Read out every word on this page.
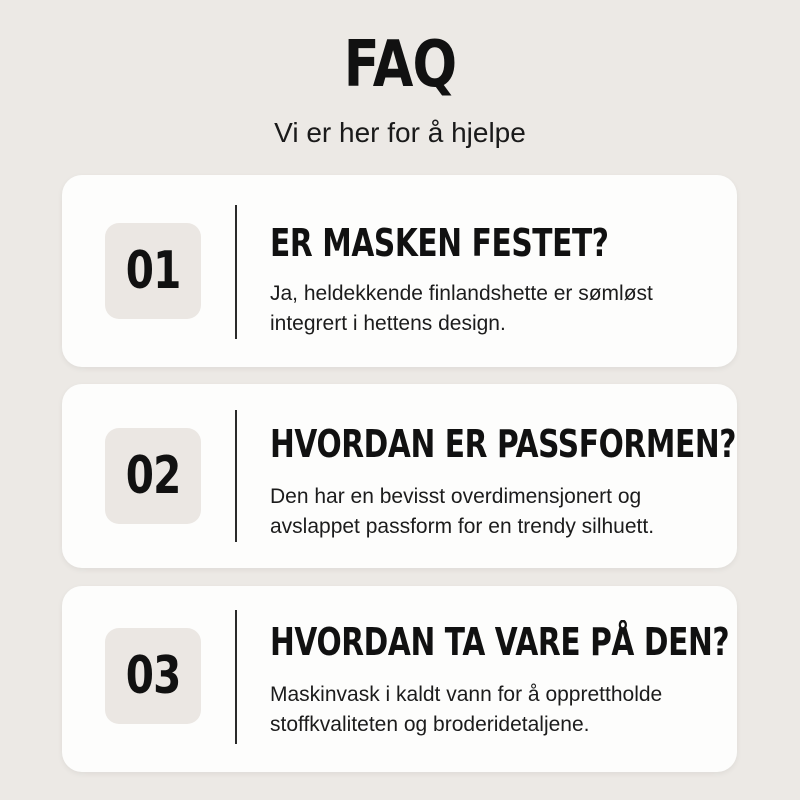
FAQ
Vi er her for å hjelpe
01 ER MASKEN FESTET?
Ja, heldekkende finlandshette er sømløst integrert i hettens design.
02
HVORDAN ER PASSFORMEN?
Den har en bevisst overdimensjonert og avslappet passform for en trendy silhuett.
03
HVORDAN TA VARE PÅ DEN?
Maskinvask i kaldt vann for å opprettholde stoffkvaliteten og broderidetaljene.
